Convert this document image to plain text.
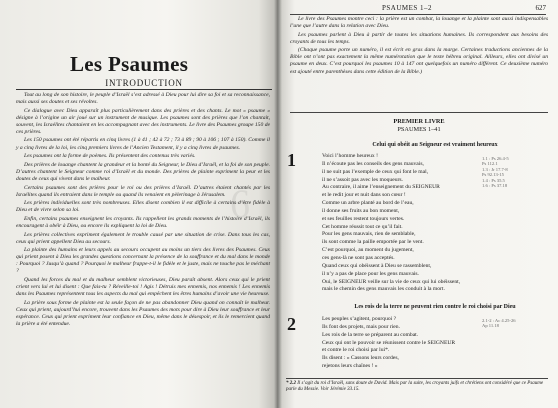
6
Les Psaumes
INTRODUCTION

Tout au long de son histoire, le peuple d’Israël s’est adressé à Dieu pour lui dire sa foi et sa reconnaissance, mais aussi ses doutes et ses révoltes.

Ce dialogue avec Dieu apparaît plus particulièrement dans des prières et des chants. Le mot « psaume » désigne à l’origine un air joué sur un instrument de musique. Les psaumes sont des prières que l’on chantait, souvent, les Israélites chantaient en les accompagnant avec des instruments. Le livre des Psaumes groupe 150 de ces prières.

Les 150 psaumes ont été répartis en cinq livres (1 à 41 ; 42 à 72 ; 73 à 89 ; 90 à 106 ; 107 à 150). Comme il y a cinq livres de la loi, les cinq premiers livres de l’Ancien Testament, il y a cinq livres de psaumes.

Les psaumes ont la forme de poèmes. Ils présentent des contenus très variés.

Des prières de louange chantent la grandeur et la bonté du Seigneur, le Dieu d’Israël, et la foi de son peuple. D’autres chantent le Seigneur comme roi d’Israël et du monde. Des prières de plainte expriment la peur et les doutes de ceux qui vivent dans le malheur.

Certains psaumes sont des prières pour le roi ou des prières d’Israël. D’autres étaient chantés par les Israélites quand ils entraient dans le temple ou quand ils venaient en pèlerinage à Jérusalem.

Les prières individuelles sont très nombreuses. Elles disent combien il est difficile à certains d’être fidèle à Dieu et de vivre selon sa loi.

Enfin, certains psaumes enseignent les croyants. Ils rappellent les grands moments de l’histoire d’Israël, ils encouragent à obéir à Dieu, ou encore ils expliquent la loi de Dieu.

Les prières collectives expriment également le trouble causé par une situation de crise. Dans tous les cas, ceux qui prient appellent Dieu au secours.

La plainte des humains et leurs appels au secours occupent au moins un tiers des livres des Psaumes. Ceux qui prient posent à Dieu les grandes questions concernant la présence de la souffrance et du mal dans le monde : Pourquoi ? Jusqu’à quand ? Pourquoi le malheur frappe-t-il le fidèle et le juste, mais ne touche pas le méchant ?

Quand les forces du mal et du malheur semblent victorieuses, Dieu paraît absent. Alors ceux qui le prient crient vers lui et lui disent : Que fais-tu ? Réveille-toi ! Agis ! Détruis mes ennemis, nos ennemis ! Les ennemis dans les Psaumes représentent tous les aspects du mal qui empêchent les êtres humains d’avoir une vie heureuse.

La prière sous forme de plainte est la seule façon de ne pas abandonner Dieu quand on connaît le malheur. Ceux qui prient, aujourd’hui encore, trouvent dans les Psaumes des mots pour dire à Dieu leur souffrance et leur espérance. Ceux qui prient expriment leur confiance en Dieu, même dans le désespoir, et ils le remercient quand la prière a été entendue.

PSAUMES 1–2	627

Le livre des Psaumes montre ceci : la prière est un combat, la louange et la plainte sont aussi indispensables l’une que l’autre dans la relation avec Dieu.

Les psaumes parlent à Dieu à partir de toutes les situations humaines. Ils correspondent aux besoins des croyants de tous les temps.

(Chaque psaume porte un numéro, il est écrit en gras dans la marge. Certaines traductions anciennes de la Bible ont n’ont pas exactement la même numérotation que le texte hébreu original. Ailleurs, elles ont divisé un psaume en deux. C’est pourquoi les psaumes 10 à 147 ont quelquefois un numéro différent. Ce deuxième numéro est ajouté entre parenthèses dans cette édition de la Bible.)

PREMIER LIVRE
PSAUMES 1–41
1
Celui qui obéit au Seigneur est vraiment heureux
Voici l’homme heureux !
Il n’écoute pas les conseils des gens mauvais,
il ne suit pas l’exemple de ceux qui font le mal,
il ne s’assoit pas avec les moqueurs.
Au contraire, il aime l’enseignement du SEIGNEUR
et le redit jour et nuit dans son cœur !
Comme un arbre planté au bord de l’eau,
il donne ses fruits au bon moment,
et ses feuilles restent toujours vertes.
Cet homme réussit tout ce qu’il fait.
Pour les gens mauvais, rien de semblable,
ils sont comme la paille emportée par le vent.
C’est pourquoi, au moment du jugement,
ces gens-là ne sont pas acceptés.
Quand ceux qui obéissent à Dieu se rassemblent,
il n’y a pas de place pour les gens mauvais.
Oui, le SEIGNEUR veille sur la vie de ceux qui lui obéissent,
mais le chemin des gens mauvais les conduit à la mort.
1.1 : Ps 26.4-5
Ps 112.1
1.3 : Jr 17.7-8
Ps 92.13-15
1.4 : Ps 35.5
1.6 : Ps 37.18
2
Les rois de la terre ne peuvent rien contre le roi choisi par Dieu
Les peuples s’agitent, pourquoi ?
Ils font des projets, mais pour rien.
Les rois de la terre se préparent au combat.
Ceux qui ont le pouvoir se réunissent contre le SEIGNEUR
et contre le roi choisi par lui*.
Ils disent : « Cassons leurs cordes,
rejetons leurs chaînes ! »
2.1-2 : Ac 4.25-26
Ap 11.18
* 2.2 Il s’agit du roi d’Israël, sans doute de David. Mais par la suite, les croyants juifs et chrétiens ont considéré que ce Psaume parle du Messie. Voir Jérémie 33.15.
